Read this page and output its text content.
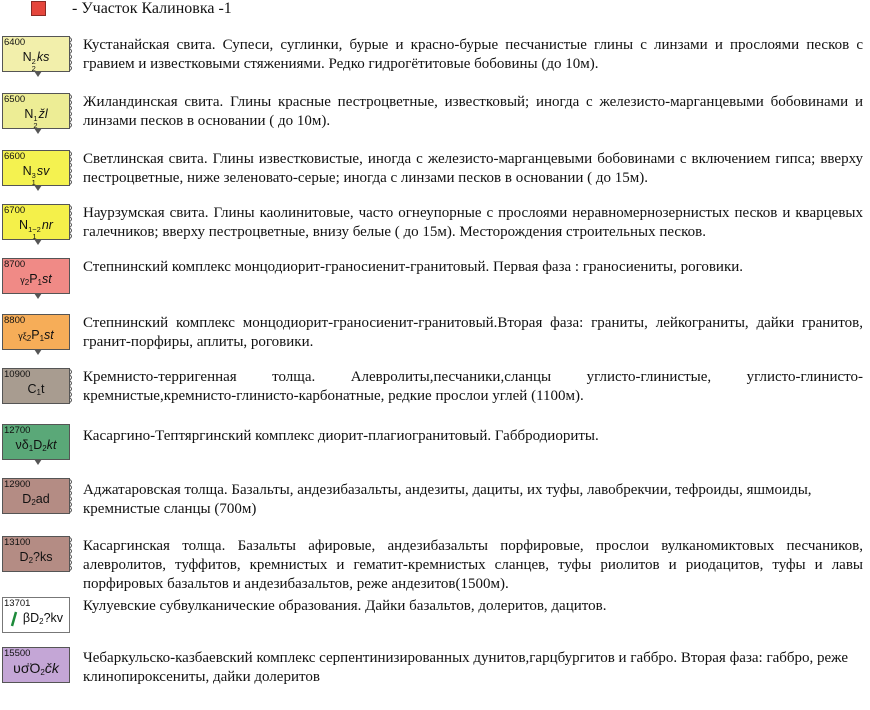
- Участок Калиновка -1
6400
N 2
2
ks
Кустанайская свита. Супеси, суглинки, бурые и красно-бурые песчанистые глины с линзами и прослоями песков с гравием и известковыми стяжениями. Редко гидрогётитовые бобовины (до 10м).
6500
N 1
2
žl
Жиландинская свита. Глины красные пестроцветные, известковый; иногда с железисто-марганцевыми бобовинами и линзами песков в основании ( до 10м).
6600
N 3
1
sv
Светлинская свита. Глины известковистые, иногда с железисто-марганцевыми бобовинами с включением гипса; вверху пестроцветные, ниже зеленовато-серые; иногда с линзами песков в основании ( до 15м).
6700
N 1−2
1
nr
Наурзумская свита. Глины каолинитовые, часто огнеупорные с прослоями неравномернозернистых песков и кварцевых галечников; вверху пестроцветные, внизу белые ( до 15м). Месторождения строительных песков.
8700
$\gamma_2P_1st$
Степнинский комплекс монцодиорит-граносиенит-гранитовый. Первая фаза : граносиениты, роговики.
8800
$\gamma\xi_2P_1st$
Степнинский комплекс монцодиорит-граносиенит-гранитовый.Вторая фаза: граниты, лейкограниты, дайки гранитов, гранит-порфиры, аплиты, роговики.
10900
$C_1t$
Кремнисто-терригенная толща. Алевролиты,песчаники,сланцы углисто-глинистые, углисто-глинисто-кремнистые,кремнисто-глинисто-карбонатные, редкие прослои углей (1100м).
12700
$\nu\delta_1D_2kt$
Касаргино-Тептяргинский комплекс диорит-плагиогранитовый. Габбродиориты.
12900
$D_2ad$
Аджатаровская толща. Базальты, андезибазальты, андезиты, дациты, их туфы, лавобрекчии, тефроиды, яшмоиды, кремнистые сланцы (700м)
13100
$D_2?ks$
Касаргинская толща. Базальты афировые, андезибазальты порфировые, прослои вулканомиктовых песчаников, алевролитов, туффитов, кремнистых и гематит-кремнистых сланцев, туфы риолитов и риодацитов, туфы и лавы порфировых базальтов и андезибазальтов, реже андезитов(1500м).
13701
$\beta D_2?kv$
Кулуевские субвулканические образования. Дайки базальтов, долеритов, дацитов.
15500
$\upsilon\sigmäO_2čk$
Чебаркульско-казбаевский комплекс серпентинизированных дунитов,гарцбургитов и габбро. Вторая фаза: габбро, реже клинопироксениты, дайки долеритов
